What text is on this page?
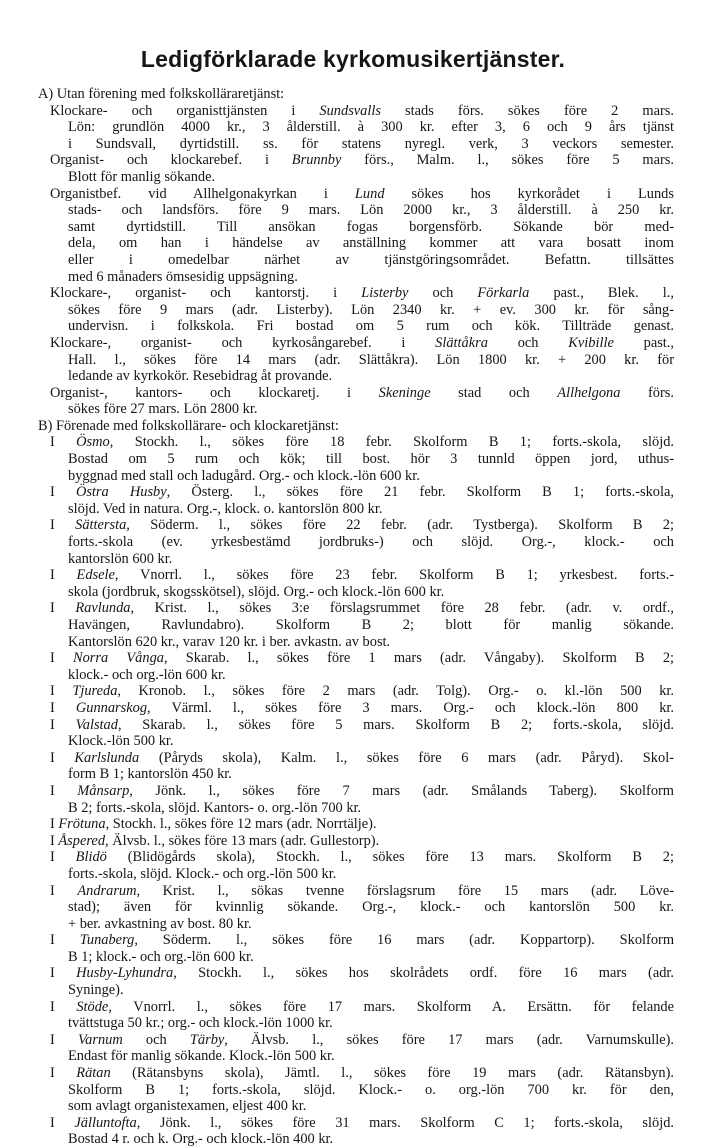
Ledigförklarade kyrkomusikertjänster.
A) Utan förening med folkskolläraretjänst:
Klockare- och organisttjänsten i Sundsvalls stads förs. sökes före 2 mars.
Lön: grundlön 4000 kr., 3 ålderstill. à 300 kr. efter 3, 6 och 9 års tjänst
i Sundsvall, dyrtidstill. ss. för statens nyregl. verk, 3 veckors semester.
Organist- och klockarebef. i Brunnby förs., Malm. l., sökes före 5 mars.
Blott för manlig sökande.
Organistbef. vid Allhelgonakyrkan i Lund sökes hos kyrkorådet i Lunds
stads- och landsförs. före 9 mars. Lön 2000 kr., 3 ålderstill. à 250 kr.
samt dyrtidstill. Till ansökan fogas borgensförb. Sökande bör med-
dela, om han i händelse av anställning kommer att vara bosatt inom
eller i omedelbar närhet av tjänstgöringsområdet. Befattn. tillsättes
med 6 månaders ömsesidig uppsägning.
Klockare-, organist- och kantorstj. i Listerby och Förkarla past., Blek. l.,
sökes före 9 mars (adr. Listerby). Lön 2340 kr. + ev. 300 kr. för sång-
undervisn. i folkskola. Fri bostad om 5 rum och kök. Tillträde genast.
Klockare-, organist- och kyrkosångarebef. i Slättåkra och Kvibille past.,
Hall. l., sökes före 14 mars (adr. Slättåkra). Lön 1800 kr. + 200 kr. för
ledande av kyrkokör. Resebidrag åt provande.
Organist-, kantors- och klockaretj. i Skeninge stad och Allhelgona förs.
sökes före 27 mars. Lön 2800 kr.
B) Förenade med folkskollärare- och klockaretjänst:
I Ösmo, Stockh. l., sökes före 18 febr. Skolform B 1; forts.-skola, slöjd.
Bostad om 5 rum och kök; till bost. hör 3 tunnld öppen jord, uthus-
byggnad med stall och ladugård. Org.- och klock.-lön 600 kr.
I Östra Husby, Österg. l., sökes före 21 febr. Skolform B 1; forts.-skola,
slöjd. Ved in natura. Org.-, klock. o. kantorslön 800 kr.
I Sättersta, Söderm. l., sökes före 22 febr. (adr. Tystberga). Skolform B 2;
forts.-skola (ev. yrkesbestämd jordbruks-) och slöjd. Org.-, klock.- och
kantorslön 600 kr.
I Edsele, Vnorrl. l., sökes före 23 febr. Skolform B 1; yrkesbest. forts.-
skola (jordbruk, skogsskötsel), slöjd. Org.- och klock.-lön 600 kr.
I Ravlunda, Krist. l., sökes 3:e förslagsrummet före 28 febr. (adr. v. ordf.,
Havängen, Ravlundabro). Skolform B 2; blott för manlig sökande.
Kantorslön 620 kr., varav 120 kr. i ber. avkastn. av bost.
I Norra Vånga, Skarab. l., sökes före 1 mars (adr. Vångaby). Skolform B 2;
klock.- och org.-lön 600 kr.
I Tjureda, Kronob. l., sökes före 2 mars (adr. Tolg). Org.- o. kl.-lön 500 kr.
I Gunnarskog, Värml. l., sökes före 3 mars. Org.- och klock.-lön 800 kr.
I Valstad, Skarab. l., sökes före 5 mars. Skolform B 2; forts.-skola, slöjd.
Klock.-lön 500 kr.
I Karlslunda (Påryds skola), Kalm. l., sökes före 6 mars (adr. Påryd). Skol-
form B 1; kantorslön 450 kr.
I Månsarp, Jönk. l., sökes före 7 mars (adr. Smålands Taberg). Skolform
B 2; forts.-skola, slöjd. Kantors- o. org.-lön 700 kr.
I Frötuna, Stockh. l., sökes före 12 mars (adr. Norrtälje).
I Åspered, Älvsb. l., sökes före 13 mars (adr. Gullestorp).
I Blidö (Blidögårds skola), Stockh. l., sökes före 13 mars. Skolform B 2;
forts.-skola, slöjd. Klock.- och org.-lön 500 kr.
I Andrarum, Krist. l., sökas tvenne förslagsrum före 15 mars (adr. Löve-
stad); även för kvinnlig sökande. Org.-, klock.- och kantorslön 500 kr.
+ ber. avkastning av bost. 80 kr.
I Tunaberg, Söderm. l., sökes före 16 mars (adr. Koppartorp). Skolform
B 1; klock.- och org.-lön 600 kr.
I Husby-Lyhundra, Stockh. l., sökes hos skolrådets ordf. före 16 mars (adr.
Syninge).
I Stöde, Vnorrl. l., sökes före 17 mars. Skolform A. Ersättn. för felande
tvättstuga 50 kr.; org.- och klock.-lön 1000 kr.
I Varnum och Tärby, Älvsb. l., sökes före 17 mars (adr. Varnumskulle).
Endast för manlig sökande. Klock.-lön 500 kr.
I Rätan (Rätansbyns skola), Jämtl. l., sökes före 19 mars (adr. Rätansbyn).
Skolform B 1; forts.-skola, slöjd. Klock.- o. org.-lön 700 kr. för den,
som avlagt organistexamen, eljest 400 kr.
I Jälluntofta, Jönk. l., sökes före 31 mars. Skolform C 1; forts.-skola, slöjd.
Bostad 4 r. och k. Org.- och klock.-lön 400 kr.
